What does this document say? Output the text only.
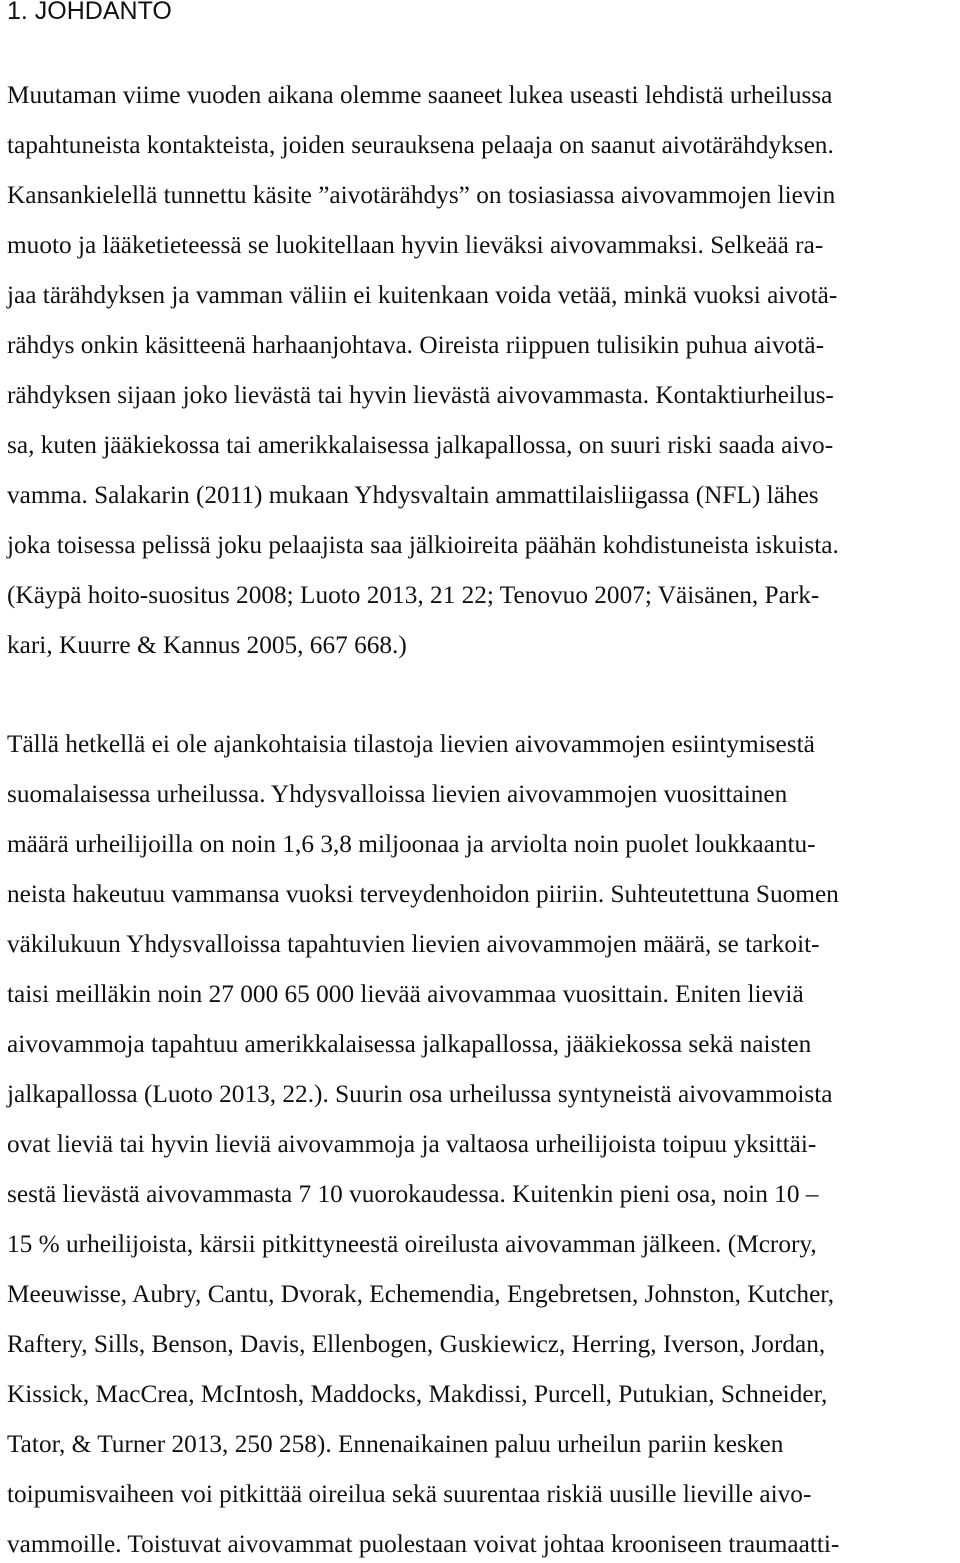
1. JOHDANTO

Muutaman viime vuoden aikana olemme saaneet lukea useasti lehdistä urheilussa

tapahtuneista kontakteista, joiden seurauksena pelaaja on saanut aivotärähdyksen.

Kansankielellä tunnettu käsite ”aivotärähdys” on tosiasiassa aivovammojen lievin

muoto ja lääketieteessä se luokitellaan hyvin lieväksi aivovammaksi. Selkeää ra-

jaa tärähdyksen ja vamman väliin ei kuitenkaan voida vetää, minkä vuoksi aivotä-

rähdys onkin käsitteenä harhaanjohtava. Oireista riippuen tulisikin puhua aivotä-

rähdyksen sijaan joko lievästä tai hyvin lievästä aivovammasta. Kontaktiurheilus-

sa, kuten jääkiekossa tai amerikkalaisessa jalkapallossa, on suuri riski saada aivo-

vamma. Salakarin (2011) mukaan Yhdysvaltain ammattilaisliigassa (NFL) lähes

joka toisessa pelissä joku pelaajista saa jälkioireita päähän kohdistuneista iskuista.

(Käypä hoito-suositus 2008; Luoto 2013, 21 22; Tenovuo 2007; Väisänen, Park-

kari, Kuurre & Kannus 2005, 667 668.)

Tällä hetkellä ei ole ajankohtaisia tilastoja lievien aivovammojen esiintymisestä

suomalaisessa urheilussa. Yhdysvalloissa lievien aivovammojen vuosittainen

määrä urheilijoilla on noin 1,6 3,8 miljoonaa ja arviolta noin puolet loukkaantu-

neista hakeutuu vammansa vuoksi terveydenhoidon piiriin. Suhteutettuna Suomen

väkilukuun Yhdysvalloissa tapahtuvien lievien aivovammojen määrä, se tarkoit-

taisi meilläkin noin 27 000 65 000 lievää aivovammaa vuosittain. Eniten lieviä

aivovammoja tapahtuu amerikkalaisessa jalkapallossa, jääkiekossa sekä naisten

jalkapallossa (Luoto 2013, 22.). Suurin osa urheilussa syntyneistä aivovammoista

ovat lieviä tai hyvin lieviä aivovammoja ja valtaosa urheilijoista toipuu yksittäi-

sestä lievästä aivovammasta 7 10 vuorokaudessa. Kuitenkin pieni osa, noin 10 –

15 % urheilijoista, kärsii pitkittyneestä oireilusta aivovamman jälkeen. (Mcrory,

Meeuwisse, Aubry, Cantu, Dvorak, Echemendia, Engebretsen, Johnston, Kutcher,

Raftery, Sills, Benson, Davis, Ellenbogen, Guskiewicz, Herring, Iverson, Jordan,

Kissick, MacCrea, McIntosh, Maddocks, Makdissi, Purcell, Putukian, Schneider,

Tator, & Turner 2013, 250 258). Ennenaikainen paluu urheilun pariin kesken

toipumisvaiheen voi pitkittää oireilua sekä suurentaa riskiä uusille lieville aivo-

vammoille. Toistuvat aivovammat puolestaan voivat johtaa krooniseen traumaatti-
